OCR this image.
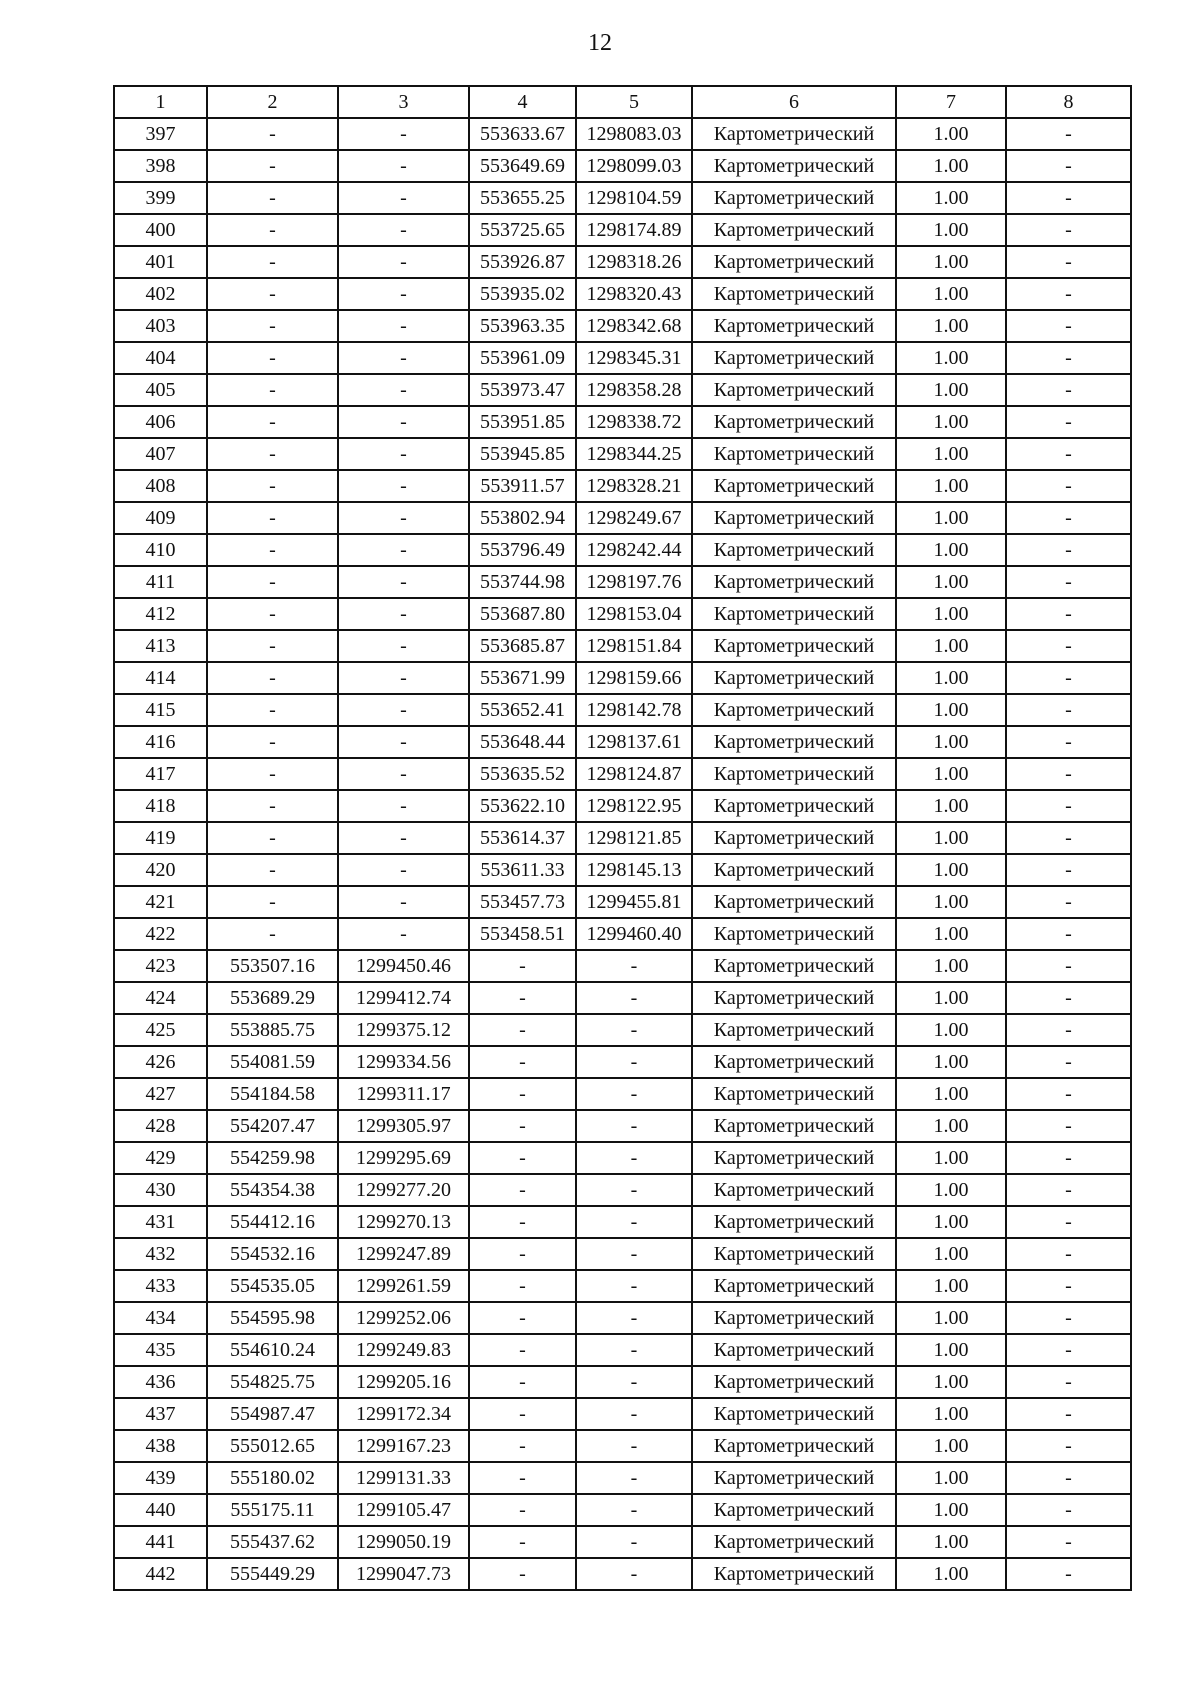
12
1	2	3	4	5	6	7	8
397	-	-	553633.67	1298083.03	Картометрический	1.00	-
398	-	-	553649.69	1298099.03	Картометрический	1.00	-
399	-	-	553655.25	1298104.59	Картометрический	1.00	-
400	-	-	553725.65	1298174.89	Картометрический	1.00	-
401	-	-	553926.87	1298318.26	Картометрический	1.00	-
402	-	-	553935.02	1298320.43	Картометрический	1.00	-
403	-	-	553963.35	1298342.68	Картометрический	1.00	-
404	-	-	553961.09	1298345.31	Картометрический	1.00	-
405	-	-	553973.47	1298358.28	Картометрический	1.00	-
406	-	-	553951.85	1298338.72	Картометрический	1.00	-
407	-	-	553945.85	1298344.25	Картометрический	1.00	-
408	-	-	553911.57	1298328.21	Картометрический	1.00	-
409	-	-	553802.94	1298249.67	Картометрический	1.00	-
410	-	-	553796.49	1298242.44	Картометрический	1.00	-
411	-	-	553744.98	1298197.76	Картометрический	1.00	-
412	-	-	553687.80	1298153.04	Картометрический	1.00	-
413	-	-	553685.87	1298151.84	Картометрический	1.00	-
414	-	-	553671.99	1298159.66	Картометрический	1.00	-
415	-	-	553652.41	1298142.78	Картометрический	1.00	-
416	-	-	553648.44	1298137.61	Картометрический	1.00	-
417	-	-	553635.52	1298124.87	Картометрический	1.00	-
418	-	-	553622.10	1298122.95	Картометрический	1.00	-
419	-	-	553614.37	1298121.85	Картометрический	1.00	-
420	-	-	553611.33	1298145.13	Картометрический	1.00	-
421	-	-	553457.73	1299455.81	Картометрический	1.00	-
422	-	-	553458.51	1299460.40	Картометрический	1.00	-
423	553507.16	1299450.46	-	-	Картометрический	1.00	-
424	553689.29	1299412.74	-	-	Картометрический	1.00	-
425	553885.75	1299375.12	-	-	Картометрический	1.00	-
426	554081.59	1299334.56	-	-	Картометрический	1.00	-
427	554184.58	1299311.17	-	-	Картометрический	1.00	-
428	554207.47	1299305.97	-	-	Картометрический	1.00	-
429	554259.98	1299295.69	-	-	Картометрический	1.00	-
430	554354.38	1299277.20	-	-	Картометрический	1.00	-
431	554412.16	1299270.13	-	-	Картометрический	1.00	-
432	554532.16	1299247.89	-	-	Картометрический	1.00	-
433	554535.05	1299261.59	-	-	Картометрический	1.00	-
434	554595.98	1299252.06	-	-	Картометрический	1.00	-
435	554610.24	1299249.83	-	-	Картометрический	1.00	-
436	554825.75	1299205.16	-	-	Картометрический	1.00	-
437	554987.47	1299172.34	-	-	Картометрический	1.00	-
438	555012.65	1299167.23	-	-	Картометрический	1.00	-
439	555180.02	1299131.33	-	-	Картометрический	1.00	-
440	555175.11	1299105.47	-	-	Картометрический	1.00	-
441	555437.62	1299050.19	-	-	Картометрический	1.00	-
442	555449.29	1299047.73	-	-	Картометрический	1.00	-
